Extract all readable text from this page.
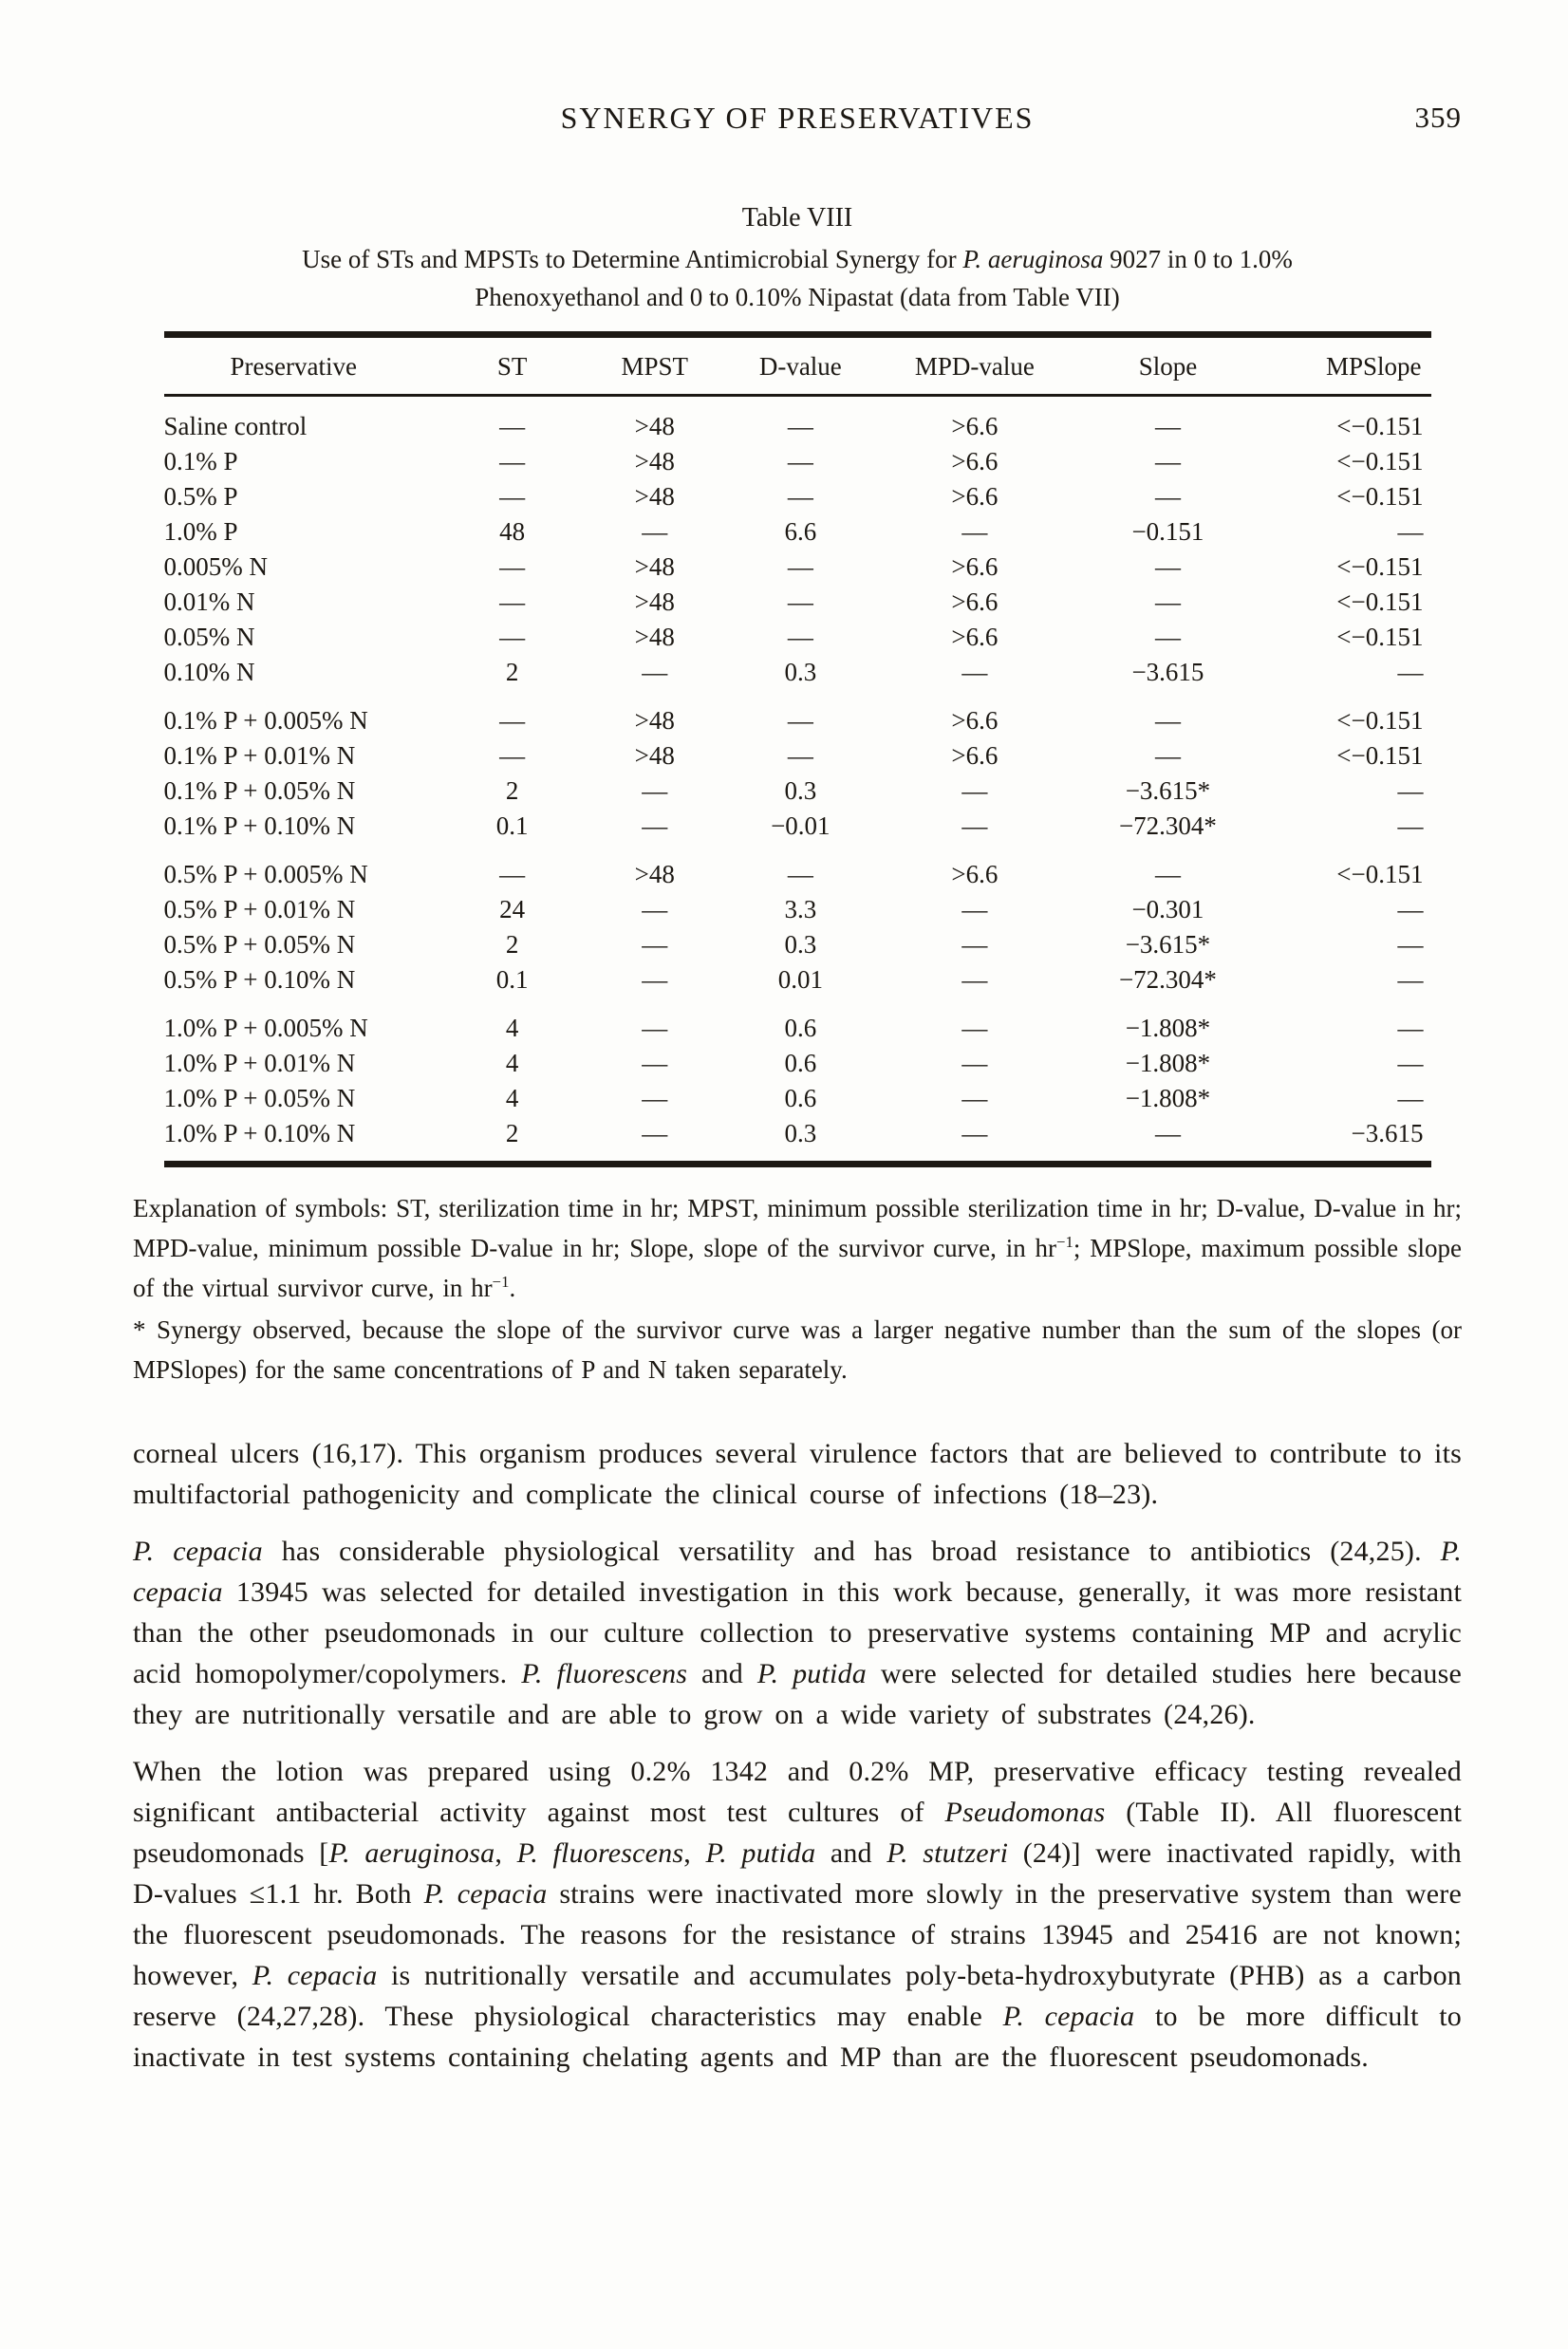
SYNERGY OF PRESERVATIVES	359
Table VIII
Use of STs and MPSTs to Determine Antimicrobial Synergy for P. aeruginosa 9027 in 0 to 1.0%
Phenoxyethanol and 0 to 0.10% Nipastat (data from Table VII)
Preservative	ST	MPST	D-value	MPD-value	Slope	MPSlope
Saline control	—	>48	—	>6.6	—	<−0.151
0.1% P	—	>48	—	>6.6	—	<−0.151
0.5% P	—	>48	—	>6.6	—	<−0.151
1.0% P	48	—	6.6	—	−0.151	—
0.005% N	—	>48	—	>6.6	—	<−0.151
0.01% N	—	>48	—	>6.6	—	<−0.151
0.05% N	—	>48	—	>6.6	—	<−0.151
0.10% N	2	—	0.3	—	−3.615	—
0.1% P + 0.005% N	—	>48	—	>6.6	—	<−0.151
0.1% P + 0.01% N	—	>48	—	>6.6	—	<−0.151
0.1% P + 0.05% N	2	—	0.3	—	−3.615*	—
0.1% P + 0.10% N	0.1	—	−0.01	—	−72.304*	—
0.5% P + 0.005% N	—	>48	—	>6.6	—	<−0.151
0.5% P + 0.01% N	24	—	3.3	—	−0.301	—
0.5% P + 0.05% N	2	—	0.3	—	−3.615*	—
0.5% P + 0.10% N	0.1	—	0.01	—	−72.304*	—
1.0% P + 0.005% N	4	—	0.6	—	−1.808*	—
1.0% P + 0.01% N	4	—	0.6	—	−1.808*	—
1.0% P + 0.05% N	4	—	0.6	—	−1.808*	—
1.0% P + 0.10% N	2	—	0.3	—	—	−3.615
Explanation of symbols: ST, sterilization time in hr; MPST, minimum possible sterilization time in hr; D-value, D-value in hr; MPD-value, minimum possible D-value in hr; Slope, slope of the survivor curve, in $hr^{-1}$; MPSlope, maximum possible slope of the virtual survivor curve, in $hr^{-1}$.
* Synergy observed, because the slope of the survivor curve was a larger negative number than the sum of the slopes (or MPSlopes) for the same concentrations of P and N taken separately.

corneal ulcers (16,17). This organism produces several virulence factors that are believed to contribute to its multifactorial pathogenicity and complicate the clinical course of infections (18–23).

P. cepacia has considerable physiological versatility and has broad resistance to antibiotics (24,25). P. cepacia 13945 was selected for detailed investigation in this work because, generally, it was more resistant than the other pseudomonads in our culture collection to preservative systems containing MP and acrylic acid homopolymer/copolymers. P. fluorescens and P. putida were selected for detailed studies here because they are nutritionally versatile and are able to grow on a wide variety of substrates (24,26).

When the lotion was prepared using 0.2% 1342 and 0.2% MP, preservative efficacy testing revealed significant antibacterial activity against most test cultures of Pseudomonas (Table II). All fluorescent pseudomonads [P. aeruginosa, P. fluorescens, P. putida and P. stutzeri (24)] were inactivated rapidly, with D-values ≤1.1 hr. Both P. cepacia strains were inactivated more slowly in the preservative system than were the fluorescent pseudomonads. The reasons for the resistance of strains 13945 and 25416 are not known; however, P. cepacia is nutritionally versatile and accumulates poly-beta-hydroxybutyrate (PHB) as a carbon reserve (24,27,28). These physiological characteristics may enable P. cepacia to be more difficult to inactivate in test systems containing chelating agents and MP than are the fluorescent pseudomonads.
